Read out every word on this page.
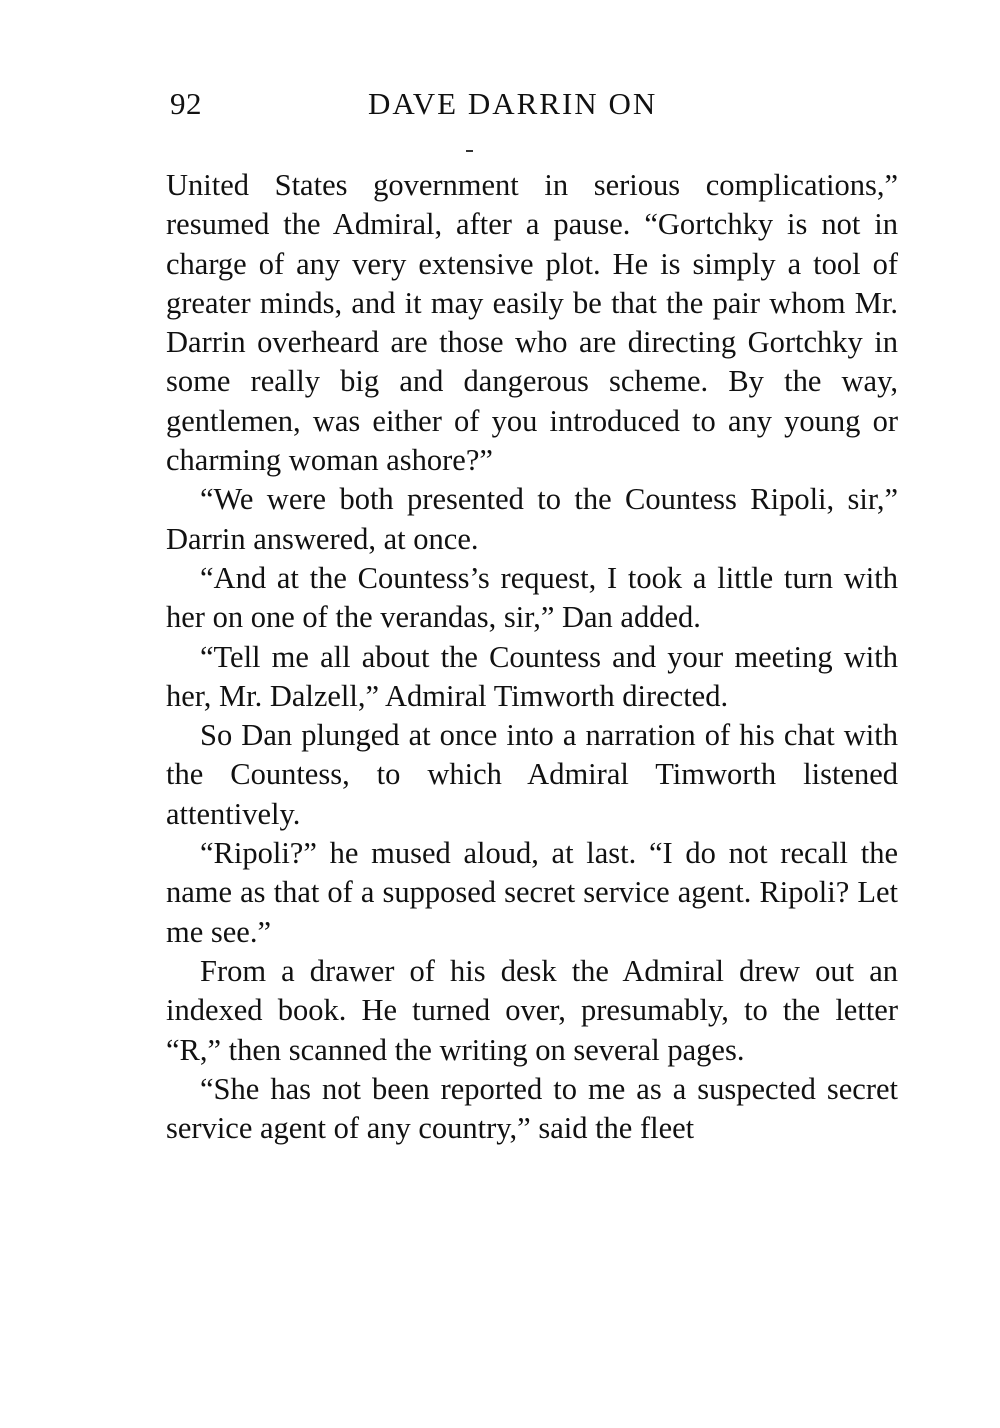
92	DAVE DARRIN ON

United States government in serious complications,” resumed the Admiral, after a pause. “Gortchky is not in charge of any very extensive plot. He is simply a tool of greater minds, and it may easily be that the pair whom Mr. Darrin overheard are those who are directing Gortchky in some really big and dangerous scheme. By the way, gentlemen, was either of you introduced to any young or charming woman ashore?”

“We were both presented to the Countess Ripoli, sir,” Darrin answered, at once.

“And at the Countess’s request, I took a little turn with her on one of the verandas, sir,” Dan added.

“Tell me all about the Countess and your meeting with her, Mr. Dalzell,” Admiral Timworth directed.

So Dan plunged at once into a narration of his chat with the Countess, to which Admiral Timworth listened attentively.

“Ripoli?” he mused aloud, at last. “I do not recall the name as that of a supposed secret service agent. Ripoli? Let me see.”

From a drawer of his desk the Admiral drew out an indexed book. He turned over, presumably, to the letter “R,” then scanned the writing on several pages.

“She has not been reported to me as a suspected secret service agent of any country,” said the fleet
